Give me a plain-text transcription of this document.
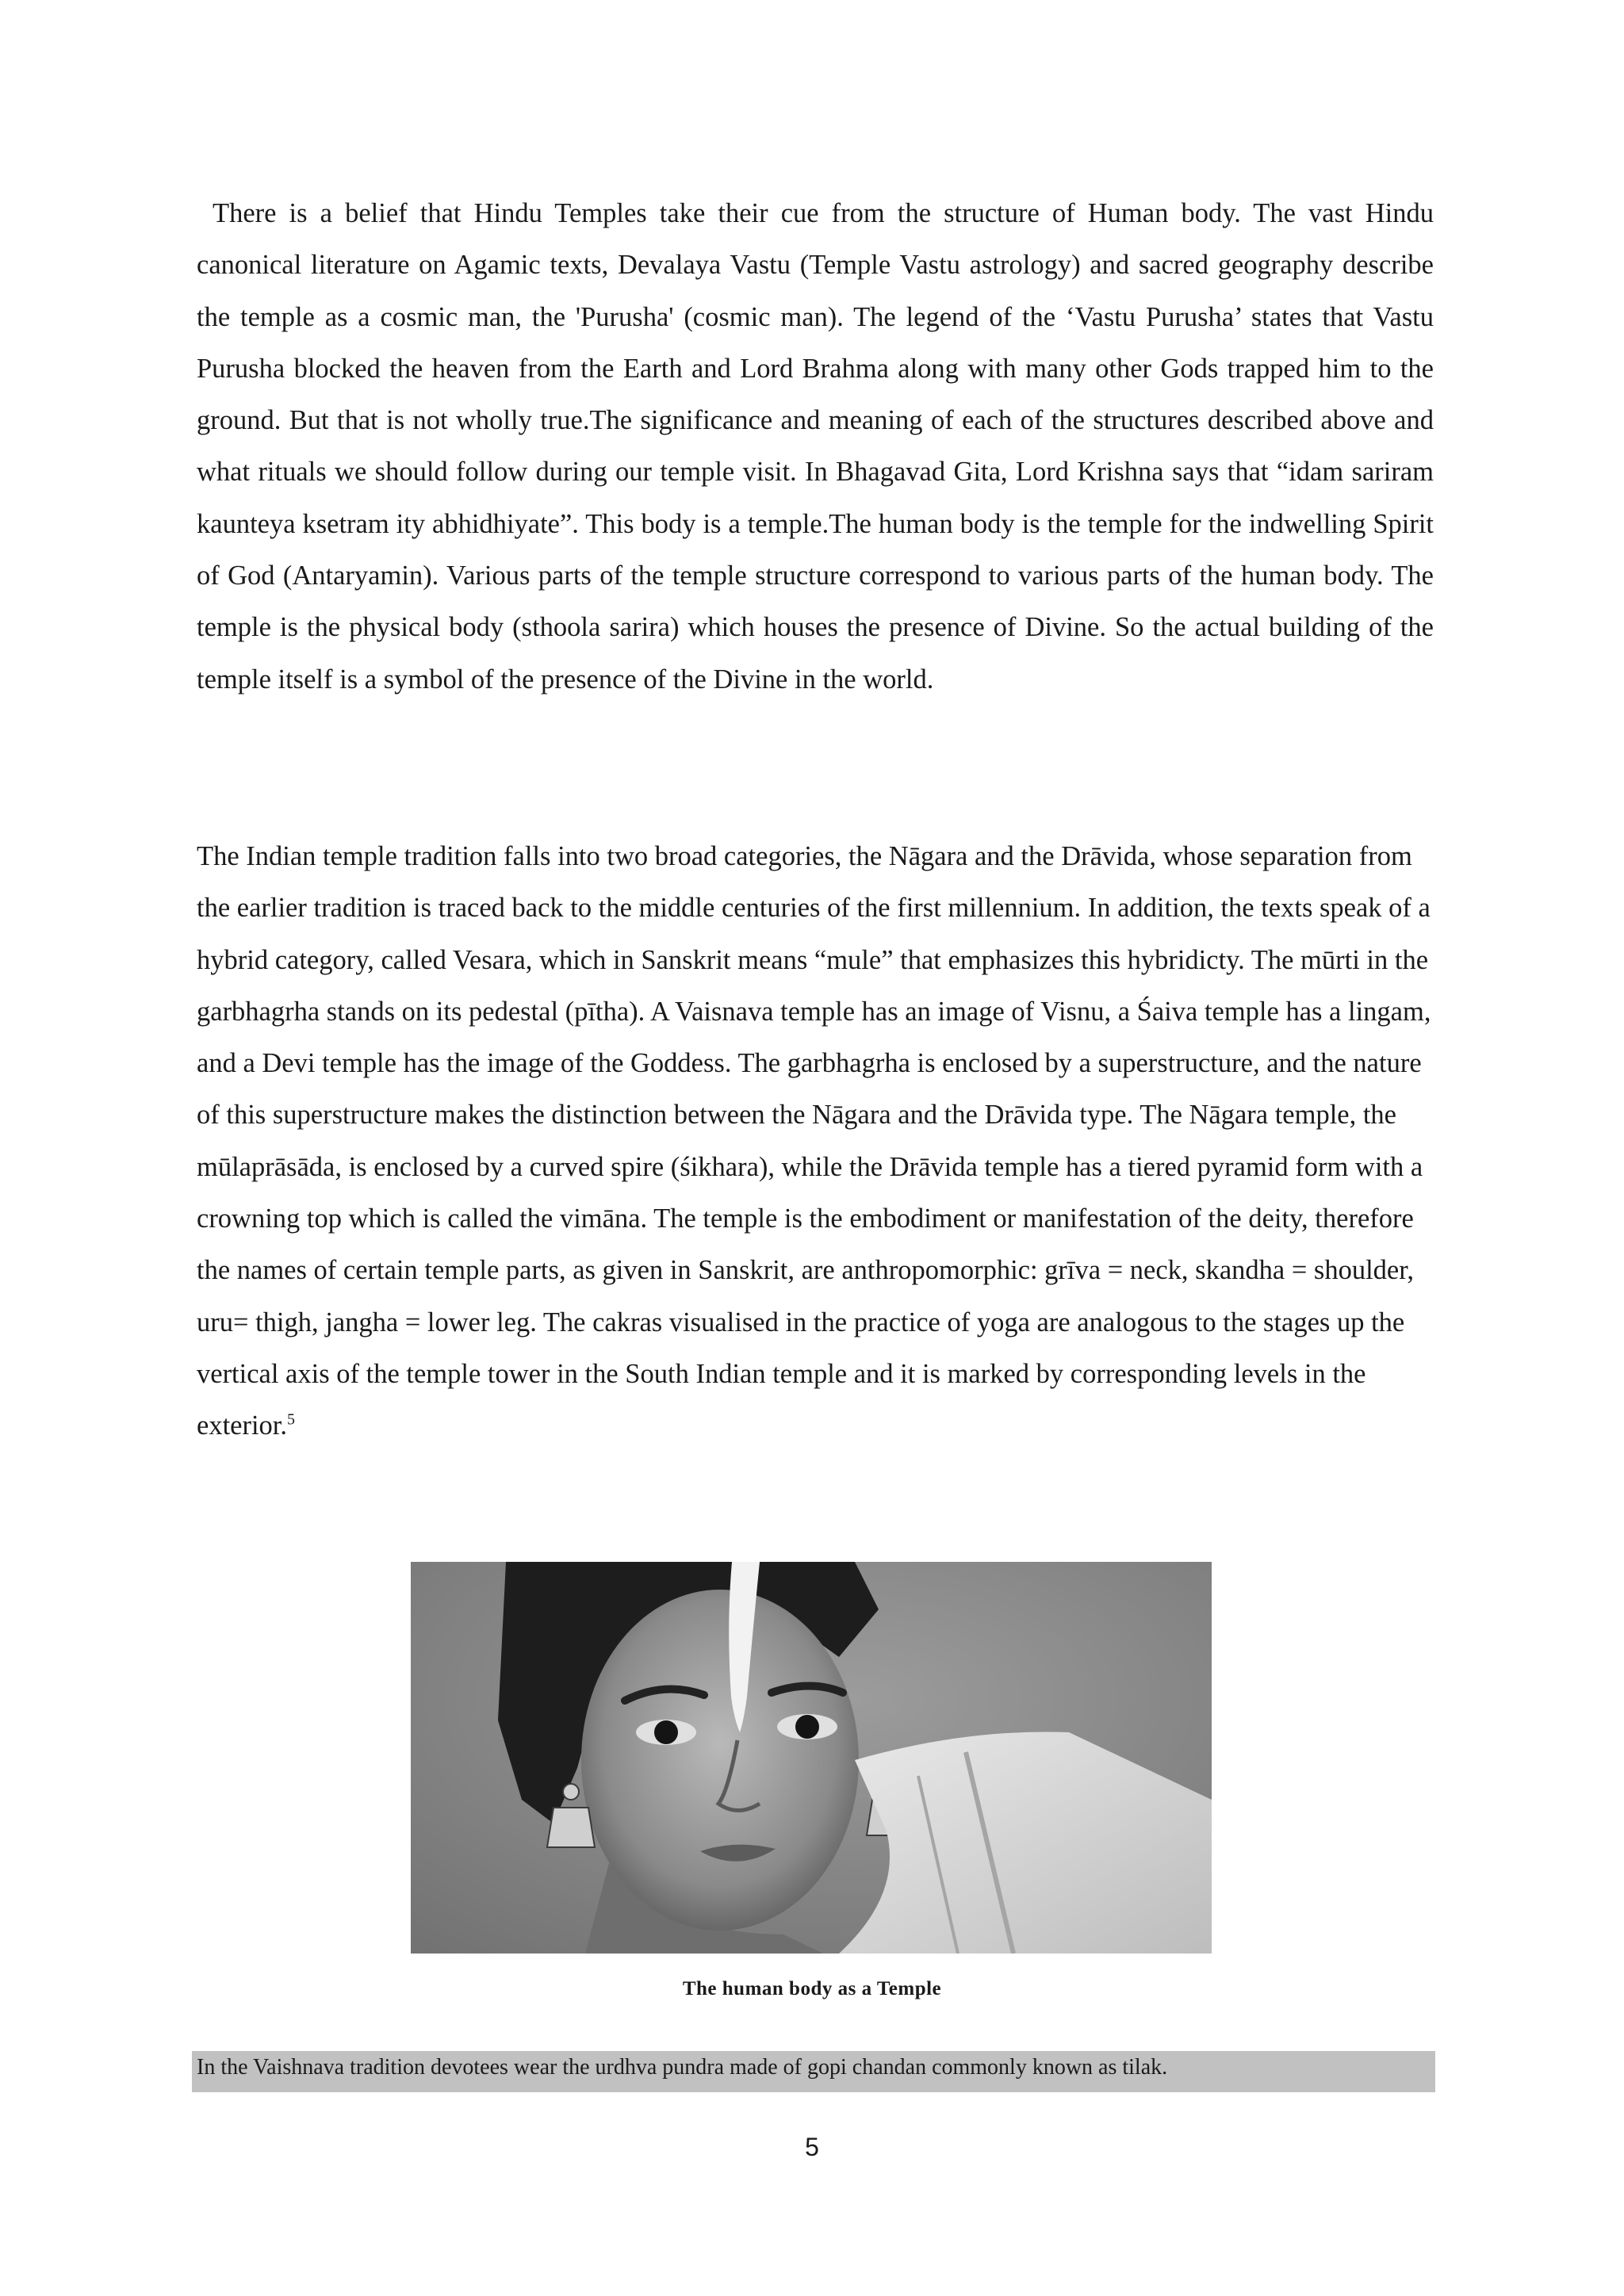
There is a belief that Hindu Temples take their cue from the structure of Human body. The vast Hindu canonical literature on Agamic texts, Devalaya Vastu (Temple Vastu astrology) and sacred geography describe the temple as a cosmic man, the 'Purusha' (cosmic man). The legend of the ‘Vastu Purusha’ states that Vastu Purusha blocked the heaven from the Earth and Lord Brahma along with many other Gods trapped him to the ground. But that is not wholly true.The significance and meaning of each of the structures described above and what rituals we should follow during our temple visit. In Bhagavad Gita, Lord Krishna says that “idam sariram kaunteya ksetram ity abhidhiyate”. This body is a temple.The human body is the temple for the indwelling Spirit of God (Antaryamin). Various parts of the temple structure correspond to various parts of the human body. The temple is the physical body (sthoola sarira) which houses the presence of Divine. So the actual building of the temple itself is a symbol of the presence of the Divine in the world.

The Indian temple tradition falls into two broad categories, the Nāgara and the Drāvida, whose separation from the earlier tradition is traced back to the middle centuries of the first millennium. In addition, the texts speak of a hybrid category, called Vesara, which in Sanskrit means “mule” that emphasizes this hybridicty. The mūrti in the garbhagrha stands on its pedestal (pītha). A Vaisnava temple has an image of Visnu, a Śaiva temple has a lingam, and a Devi temple has the image of the Goddess. The garbhagrha is enclosed by a superstructure, and the nature of this superstructure makes the distinction between the Nāgara and the Drāvida type. The Nāgara temple, the mūlaprāsāda, is enclosed by a curved spire (śikhara), while the Drāvida temple has a tiered pyramid form with a crowning top which is called the vimāna. The temple is the embodiment or manifestation of the deity, therefore the names of certain temple parts, as given in Sanskrit, are anthropomorphic: grīva = neck, skandha = shoulder, uru= thigh, jangha = lower leg. The cakras visualised in the practice of yoga are analogous to the stages up the vertical axis of the temple tower in the South Indian temple and it is marked by corresponding levels in the exterior.$^5$

The human body as a Temple

In the Vaishnava tradition devotees wear the urdhva pundra made of gopi chandan commonly known as tilak.

5
